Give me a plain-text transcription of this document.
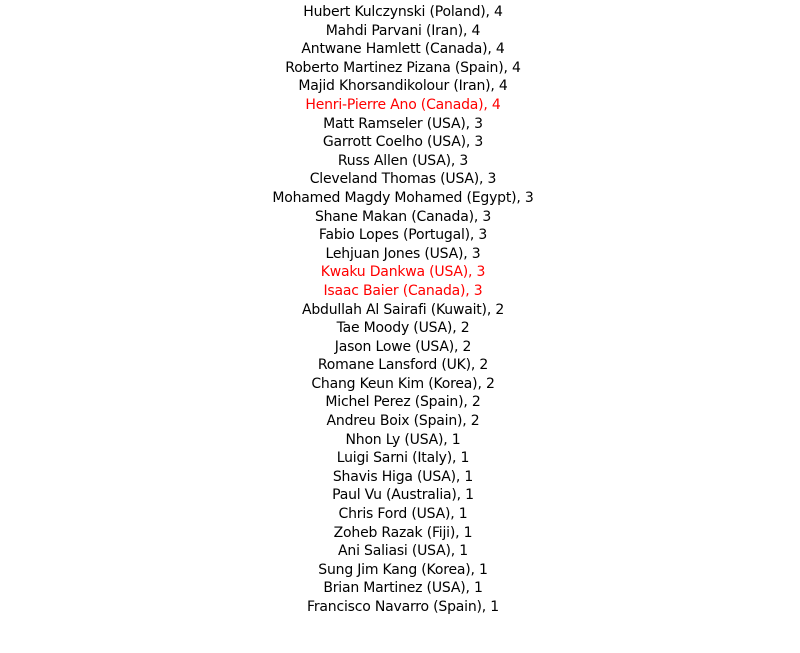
Hubert Kulczynski (Poland), 4
Mahdi Parvani (Iran), 4
Antwane Hamlett (Canada), 4
Roberto Martinez Pizana (Spain), 4
Majid Khorsandikolour (Iran), 4
Henri-Pierre Ano (Canada), 4
Matt Ramseler (USA), 3
Garrott Coelho (USA), 3
Russ Allen (USA), 3
Cleveland Thomas (USA), 3
Mohamed Magdy Mohamed (Egypt), 3
Shane Makan (Canada), 3
Fabio Lopes (Portugal), 3
Lehjuan Jones (USA), 3
Kwaku Dankwa (USA), 3
Isaac Baier (Canada), 3
Abdullah Al Sairafi (Kuwait), 2
Tae Moody (USA), 2
Jason Lowe (USA), 2
Romane Lansford (UK), 2
Chang Keun Kim (Korea), 2
Michel Perez (Spain), 2
Andreu Boix (Spain), 2
Nhon Ly (USA), 1
Luigi Sarni (Italy), 1
Shavis Higa (USA), 1
Paul Vu (Australia), 1
Chris Ford (USA), 1
Zoheb Razak (Fiji), 1
Ani Saliasi (USA), 1
Sung Jim Kang (Korea), 1
Brian Martinez (USA), 1
Francisco Navarro (Spain), 1
